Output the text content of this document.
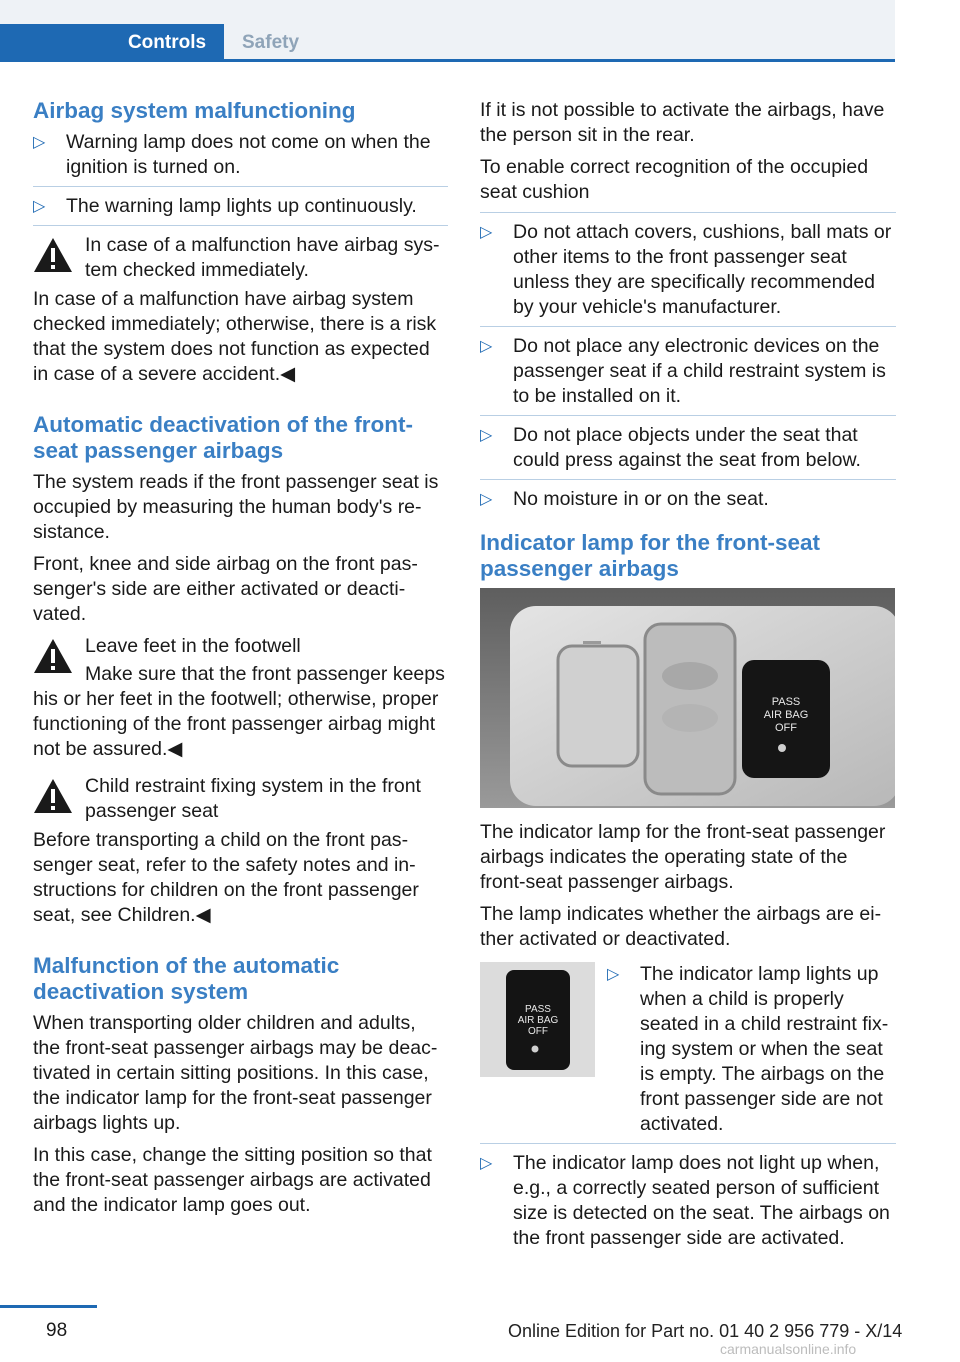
Controls	Safety
Airbag system malfunctioning
▷ Warning lamp does not come on when the ignition is turned on.
▷ The warning lamp lights up continuously.
In case of a malfunction have airbag system checked immediately.

In case of a malfunction have airbag system checked immediately; otherwise, there is a risk that the system does not function as expected in case of a severe accident.◀

Automatic deactivation of the front-seat passenger airbags

The system reads if the front passenger seat is occupied by measuring the human body's resistance.

Front, knee and side airbag on the front passenger's side are either activated or deactivated.

Leave feet in the footwell

Make sure that the front passenger keeps his or her feet in the footwell; otherwise, proper functioning of the front passenger airbag might not be assured.◀

Child restraint fixing system in the front passenger seat

Before transporting a child on the front passenger seat, refer to the safety notes and instructions for children on the front passenger seat, see Children.◀

Malfunction of the automatic deactivation system

When transporting older children and adults, the front-seat passenger airbags may be deactivated in certain sitting positions. In this case, the indicator lamp for the front-seat passenger airbags lights up.

In this case, change the sitting position so that the front-seat passenger airbags are activated and the indicator lamp goes out.

If it is not possible to activate the airbags, have the person sit in the rear.

To enable correct recognition of the occupied seat cushion

▷ Do not attach covers, cushions, ball mats or other items to the front passenger seat unless they are specifically recommended by your vehicle's manufacturer.
▷ Do not place any electronic devices on the passenger seat if a child restraint system is to be installed on it.
▷ Do not place objects under the seat that could press against the seat from below.
▷ No moisture in or on the seat.
Indicator lamp for the front-seat passenger airbags
PASS
AIR BAG
OFF

The indicator lamp for the front-seat passenger airbags indicates the operating state of the front-seat passenger airbags.

The lamp indicates whether the airbags are either activated or deactivated.

PASS
AIR BAG
OFF
▷ The indicator lamp lights up when a child is properly seated in a child restraint fixing system or when the seat is empty. The airbags on the front passenger side are not activated.
▷ The indicator lamp does not light up when, e.g., a correctly seated person of sufficient size is detected on the seat. The airbags on the front passenger side are activated.
98	Online Edition for Part no. 01 40 2 956 779 - X/14
carmanualsonline.info
